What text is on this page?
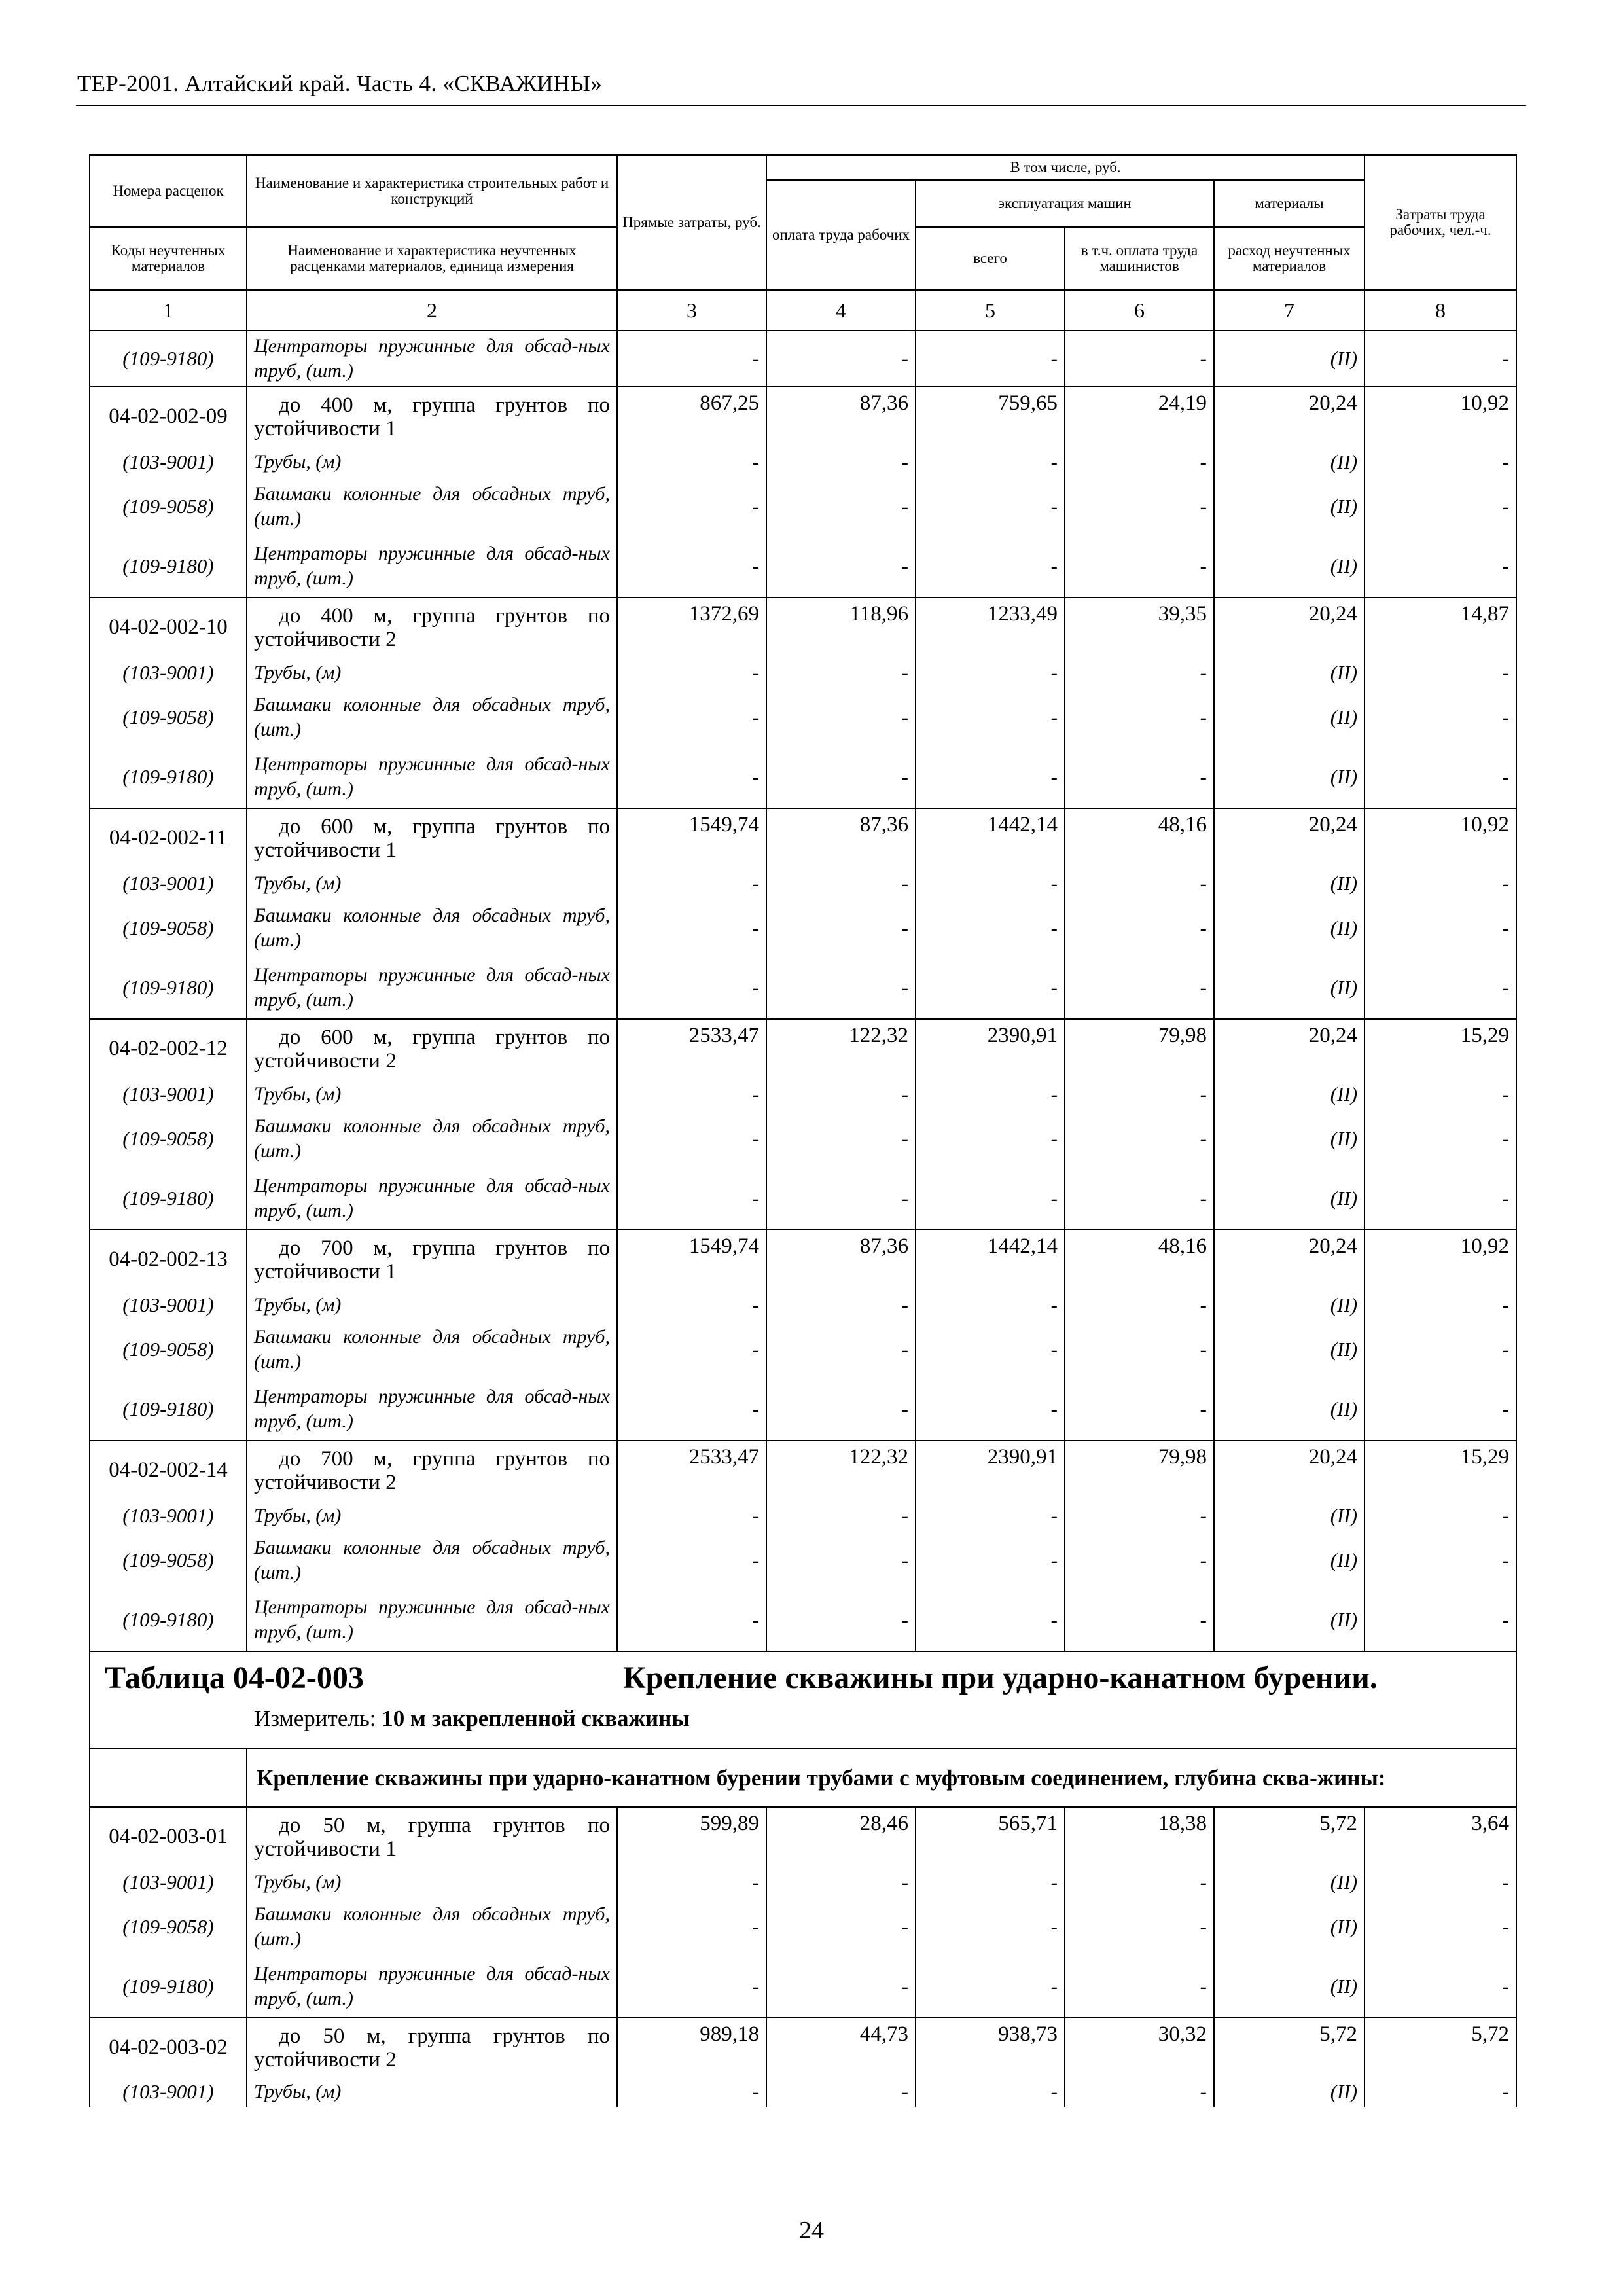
ТЕР-2001. Алтайский край. Часть 4. «СКВАЖИНЫ»
Номера расценок	Наименование и характеристика строительных работ и конструкций	Прямые затраты, руб.	В том числе, руб.				Затраты труда рабочих, чел.-ч.
			оплата труда рабочих	эксплуатация машин		материалы	
Коды неучтенных материалов	Наименование и характеристика неучтенных расценками материалов, единица измерения			всего	в т.ч. оплата труда машинистов	расход неучтенных материалов	
1	2	3	4	5	6	7	8
(109-9180)	Центраторы пружинные для обсад-ных труб, (шт.)	-	-	-	-	(II)	-
04-02-002-09	до 400 м, группа грунтов по устойчивости 1	867,25	87,36	759,65	24,19	20,24	10,92
(103-9001)	Трубы, (м)	-	-	-	-	(II)	-
(109-9058)	Башмаки колонные для обсадных труб, (шт.)	-	-	-	-	(II)	-
(109-9180)	Центраторы пружинные для обсад-ных труб, (шт.)	-	-	-	-	(II)	-
04-02-002-10	до 400 м, группа грунтов по устойчивости 2	1372,69	118,96	1233,49	39,35	20,24	14,87
(103-9001)	Трубы, (м)	-	-	-	-	(II)	-
(109-9058)	Башмаки колонные для обсадных труб, (шт.)	-	-	-	-	(II)	-
(109-9180)	Центраторы пружинные для обсад-ных труб, (шт.)	-	-	-	-	(II)	-
04-02-002-11	до 600 м, группа грунтов по устойчивости 1	1549,74	87,36	1442,14	48,16	20,24	10,92
(103-9001)	Трубы, (м)	-	-	-	-	(II)	-
(109-9058)	Башмаки колонные для обсадных труб, (шт.)	-	-	-	-	(II)	-
(109-9180)	Центраторы пружинные для обсад-ных труб, (шт.)	-	-	-	-	(II)	-
04-02-002-12	до 600 м, группа грунтов по устойчивости 2	2533,47	122,32	2390,91	79,98	20,24	15,29
(103-9001)	Трубы, (м)	-	-	-	-	(II)	-
(109-9058)	Башмаки колонные для обсадных труб, (шт.)	-	-	-	-	(II)	-
(109-9180)	Центраторы пружинные для обсад-ных труб, (шт.)	-	-	-	-	(II)	-
04-02-002-13	до 700 м, группа грунтов по устойчивости 1	1549,74	87,36	1442,14	48,16	20,24	10,92
(103-9001)	Трубы, (м)	-	-	-	-	(II)	-
(109-9058)	Башмаки колонные для обсадных труб, (шт.)	-	-	-	-	(II)	-
(109-9180)	Центраторы пружинные для обсад-ных труб, (шт.)	-	-	-	-	(II)	-
04-02-002-14	до 700 м, группа грунтов по устойчивости 2	2533,47	122,32	2390,91	79,98	20,24	15,29
(103-9001)	Трубы, (м)	-	-	-	-	(II)	-
(109-9058)	Башмаки колонные для обсадных труб, (шт.)	-	-	-	-	(II)	-
(109-9180)	Центраторы пружинные для обсад-ных труб, (шт.)	-	-	-	-	(II)	-

Таблица 04-02-003 Крепление скважины при ударно-канатном бурении.
Измеритель: 10 м закрепленной скважины							

	Крепление скважины при ударно-канатном бурении трубами с муфтовым соединением, глубина сква-жины:						
04-02-003-01	до 50 м, группа грунтов по устойчивости 1	599,89	28,46	565,71	18,38	5,72	3,64
(103-9001)	Трубы, (м)	-	-	-	-	(II)	-
(109-9058)	Башмаки колонные для обсадных труб, (шт.)	-	-	-	-	(II)	-
(109-9180)	Центраторы пружинные для обсад-ных труб, (шт.)	-	-	-	-	(II)	-
04-02-003-02	до 50 м, группа грунтов по устойчивости 2	989,18	44,73	938,73	30,32	5,72	5,72
(103-9001)	Трубы, (м)	-	-	-	-	(II)	-
24
